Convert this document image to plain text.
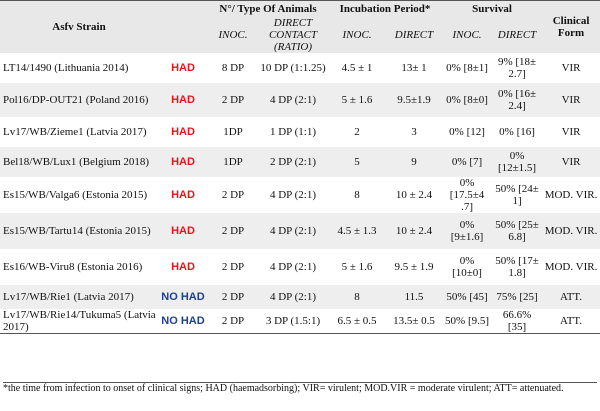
Asfv Strain		N°/ Type Of Animals		Incubation Period*		Survival		Clinical Form
		INOC.	DIRECT CONTACT (RATIO)	INOC.	DIRECT	INOC.	DIRECT	
LT14/1490 (Lithuania 2014)	HAD	8 DP	10 DP (1:1.25)	4.5 ± 1	13± 1	0% [8±1]	9% [18± 2.7]	VIR
Pol16/DP-OUT21 (Poland 2016)	HAD	2 DP	4 DP (2:1)	5 ± 1.6	9.5±1.9	0% [8±0]	0% [16± 2.4]	VIR
Lv17/WB/Zieme1 (Latvia 2017)	HAD	1DP	1 DP (1:1)	2	3	0% [12]	0% [16]	VIR
Bel18/WB/Lux1 (Belgium 2018)	HAD	1DP	2 DP (2:1)	5	9	0% [7]	0% [12±1.5]	VIR
Es15/WB/Valga6 (Estonia 2015)	HAD	2 DP	4 DP (2:1)	8	10 ± 2.4	0% [17.5±4 .7]	50% [24± 1]	MOD. VIR.
Es15/WB/Tartu14 (Estonia 2015)	HAD	2 DP	4 DP (2:1)	4.5 ± 1.3	10 ± 2.4	0% [9±1.6]	50% [25± 6.8]	MOD. VIR.
Es16/WB-Viru8 (Estonia 2016)	HAD	2 DP	4 DP (2:1)	5 ± 1.6	9.5 ± 1.9	0% [10±0]	50% [17± 1.8]	MOD. VIR.
Lv17/WB/Rie1 (Latvia 2017)	NO HAD	2 DP	4 DP (2:1)	8	11.5	50% [45]	75% [25]	ATT.
Lv17/WB/Rie14/Tukuma5 (Latvia 2017)	NO HAD	2 DP	3 DP (1.5:1)	6.5 ± 0.5	13.5± 0.5	50% [9.5]	66.6% [35]	ATT.
*the time from infection to onset of clinical signs; HAD (haemadsorbing); VIR= virulent; MOD.VIR = moderate virulent; ATT= attenuated.
